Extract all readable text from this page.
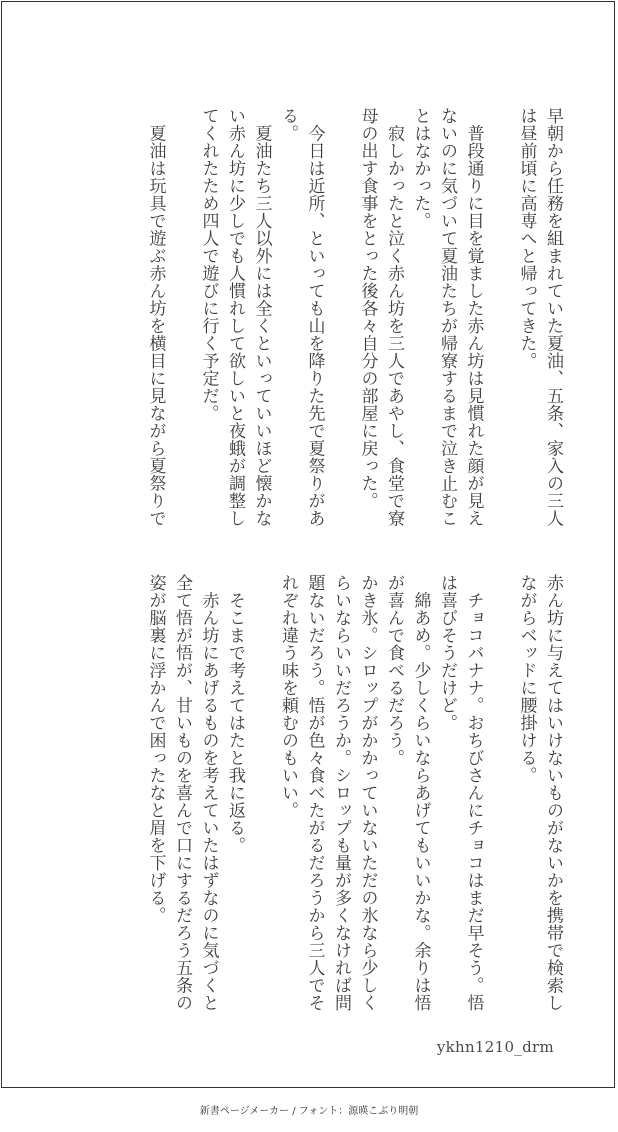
早朝から任務を組まれていた夏油、五条、家入の三人は昼前頃に高専へと帰ってきた。

　普段通りに目を覚ました赤ん坊は見慣れた顔が見えないのに気づいて夏油たちが帰寮するまで泣き止むことはなかった。

　寂しかったと泣く赤ん坊を三人であやし、食堂で寮母の出す食事をとった後各々自分の部屋に戻った。

　今日は近所、といっても山を降りた先で夏祭りがある。

　夏油たち三人以外には全くといっていいほど懐かない赤ん坊に少しでも人慣れして欲しいと夜蛾が調整してくれたため四人で遊びに行く予定だ。

　夏油は玩具で遊ぶ赤ん坊を横目に見ながら夏祭りで

赤ん坊に与えてはいけないものがないかを携帯で検索しながらベッドに腰掛ける。

　チョコバナナ。おちびさんにチョコはまだ早そう。悟は喜びそうだけど。

　綿あめ。少しくらいならあげてもいいかな。余りは悟が喜んで食べるだろう。

かき氷。シロップがかかっていないただの氷なら少しくらいならいいだろうか。シロップも量が多くなければ問題ないだろう。悟が色々食べたがるだろうから三人でそれぞれ違う味を頼むのもいい。

　そこまで考えてはたと我に返る。

　赤ん坊にあげるものを考えていたはずなのに気づくと全て悟が悟が、甘いものを喜んで口にするだろう五条の姿が脳裏に浮かんで困ったなと眉を下げる。

ykhn1210_drm
新書ページメーカー / フォント：源暎こぶり明朝
